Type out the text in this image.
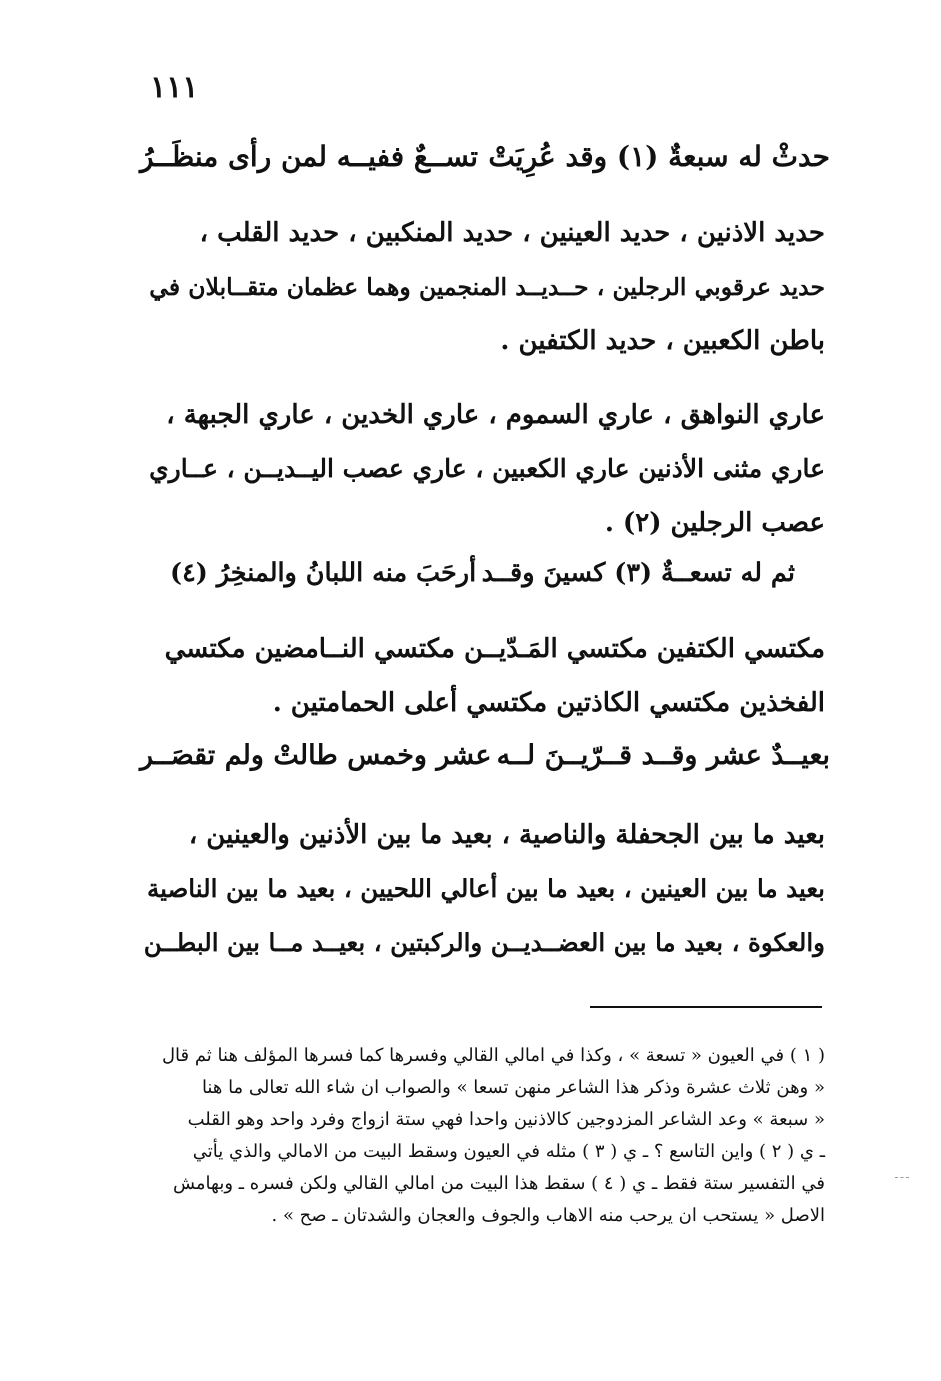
١١١
حدثْ له سبعةٌ (١) وقد عُرِيَتْ
تســعٌ ففيــه لمن رأى منظَــرُ
حديد الاذنين ، حديد العينين ، حديد المنكبين ، حديد القلب ،
حديد عرقوبي الرجلين ، حــديــد المنجمين وهما عظمان متقــابلان في
باطن الكعبين ، حديد الكتفين .
عاري النواهق ، عاري السموم ، عاري الخدين ، عاري الجبهة ،
عاري مثنى الأذنين عاري الكعبين ، عاري عصب اليــديــن ، عــاري
عصب الرجلين (٢) .
ثم له تسعــةٌ (٣) كسينَ وقــد
أرحَبَ منه اللبانُ والمنخِرُ (٤)
مكتسي الكتفين مكتسي المَـدّيــن مكتسي النــامضين مكتسي
الفخذين مكتسي الكاذتين مكتسي أعلى الحمامتين .
بعيــدٌ عشر وقــد قــرّيــنَ لــه
عشر وخمس طالتْ ولم تقصَــر
بعيد ما بين الجحفلة والناصية ، بعيد ما بين الأذنين والعينين ،
بعيد ما بين العينين ، بعيد ما بين أعالي اللحيين ، بعيد ما بين الناصية
والعكوة ، بعيد ما بين العضــديــن والركبتين ، بعيــد مــا بين البطــن
( ١ ) في العيون « تسعة » ، وكذا في امالي القالي وفسرها كما فسرها المؤلف هنا ثم قال
« وهن ثلاث عشرة وذكر هذا الشاعر منهن تسعا » والصواب ان شاء الله تعالى ما هنا
« سبعة » وعد الشاعر المزدوجين كالاذنين واحدا فهي ستة ازواج وفرد واحد وهو القلب
ـ ي ( ٢ ) واين التاسع ؟ ـ ي ( ٣ ) مثله في العيون وسقط البيت من الامالي والذي يأتي
في التفسير ستة فقط ـ ي ( ٤ ) سقط هذا البيت من امالي القالي ولكن فسره ـ وبهامش
الاصل « يستحب ان يرحب منه الاهاب والجوف والعجان والشدتان ـ صح » .
